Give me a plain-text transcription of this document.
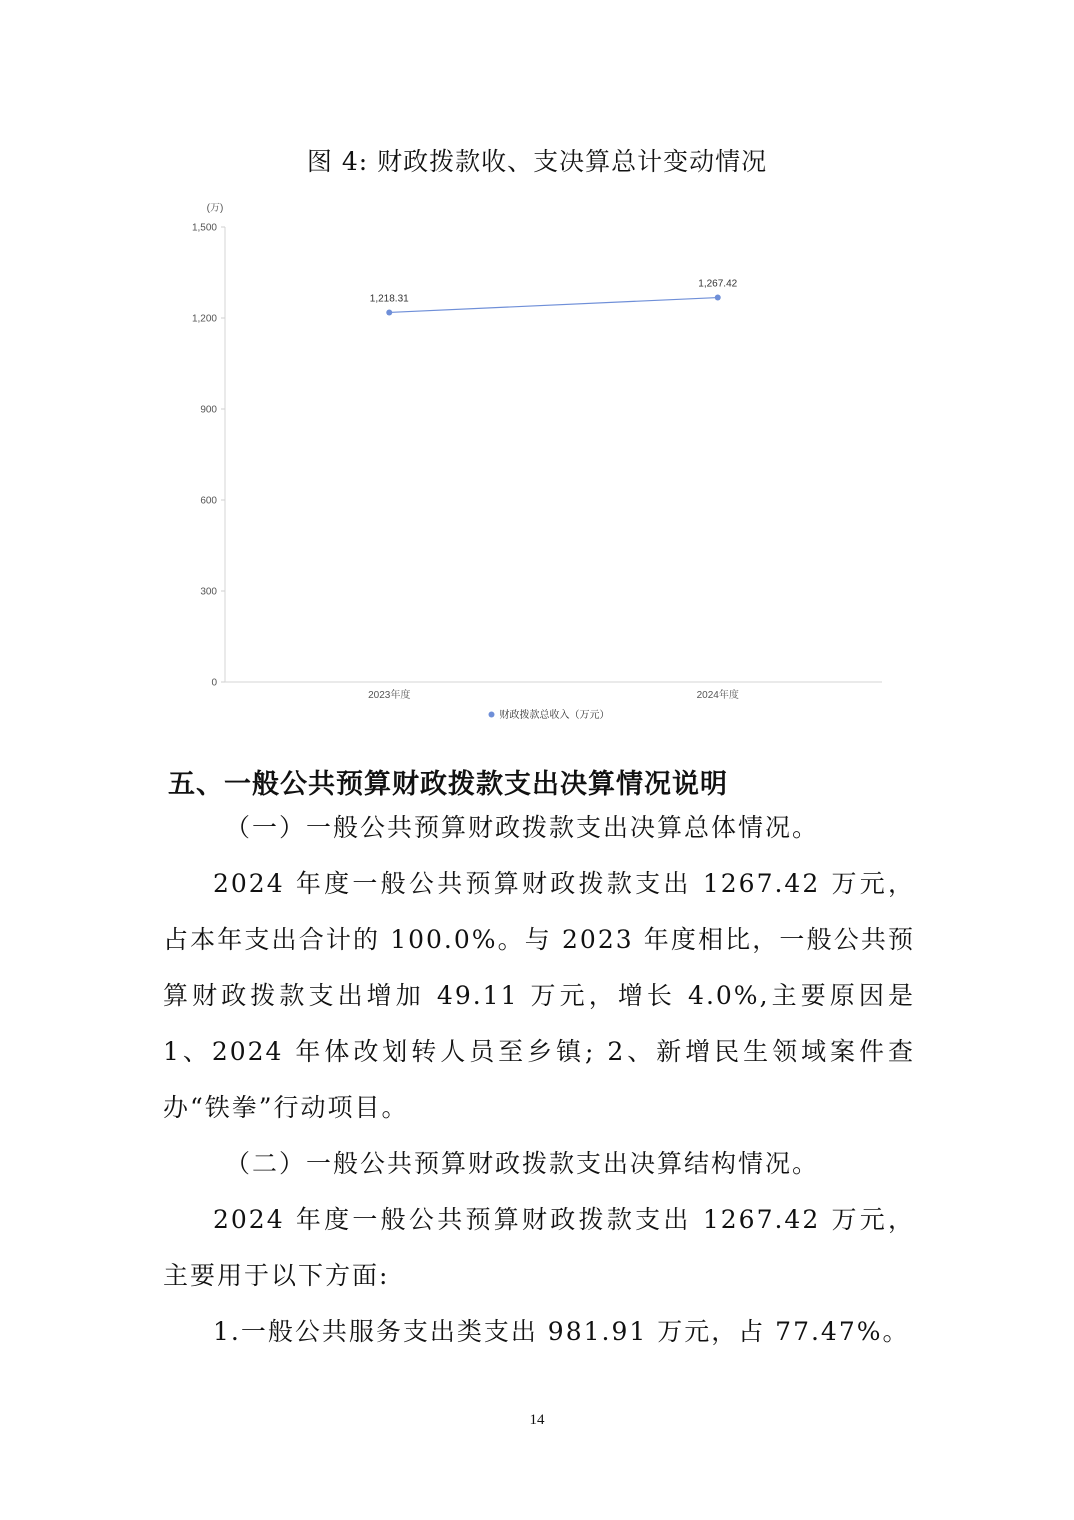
图 4: 财政拨款收、支决算总计变动情况
(万)
0
300
600
900
1,200
1,500
2023年度	2024年度
1,218.31
1,267.42
财政拨款总收入（万元）
五、一般公共预算财政拨款支出决算情况说明
（一）一般公共预算财政拨款支出决算总体情况。
2024 年度一般公共预算财政拨款支出 1267.42 万元，占本年支出合计的 100.0%。与 2023 年度相比，一般公共预算财政拨款支出增加 49.11 万元，增长 4.0%,主要原因是 1、2024 年体改划转人员至乡镇; 2、新增民生领域案件查办“铁拳”行动项目。
（二）一般公共预算财政拨款支出决算结构情况。
2024 年度一般公共预算财政拨款支出 1267.42 万元，主要用于以下方面:
1.一般公共服务支出类支出 981.91 万元，占 77.47%。
14
